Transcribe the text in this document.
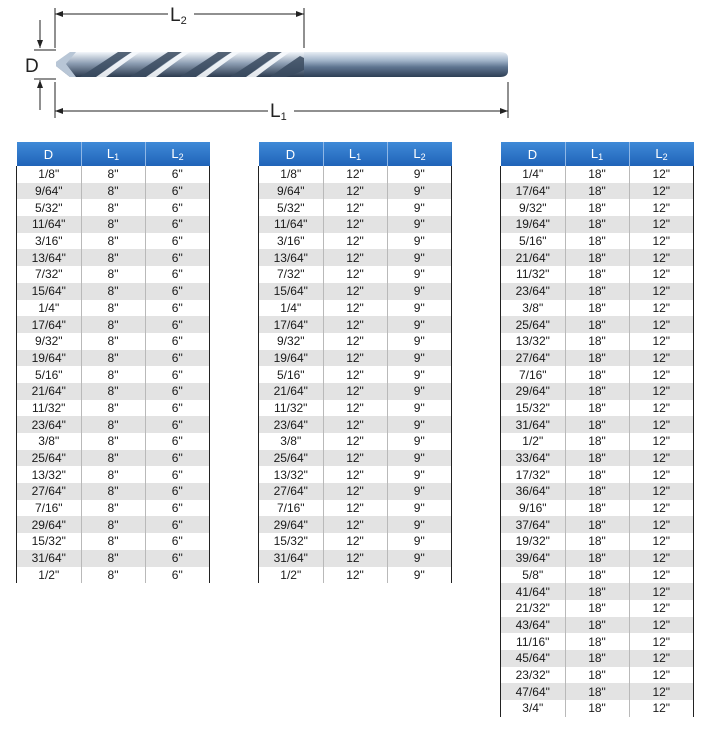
L2
D
L1
D	$L_1$	$L_2$
1/8"	8"	6"
9/64"	8"	6"
5/32"	8"	6"
11/64"	8"	6"
3/16"	8"	6"
13/64"	8"	6"
7/32"	8"	6"
15/64"	8"	6"
1/4"	8"	6"
17/64"	8"	6"
9/32"	8"	6"
19/64"	8"	6"
5/16"	8"	6"
21/64"	8"	6"
11/32"	8"	6"
23/64"	8"	6"
3/8"	8"	6"
25/64"	8"	6"
13/32"	8"	6"
27/64"	8"	6"
7/16"	8"	6"
29/64"	8"	6"
15/32"	8"	6"
31/64"	8"	6"
1/2"	8"	6"
D	$L_1$	$L_2$
1/8"	12"	9"
9/64"	12"	9"
5/32"	12"	9"
11/64"	12"	9"
3/16"	12"	9"
13/64"	12"	9"
7/32"	12"	9"
15/64"	12"	9"
1/4"	12"	9"
17/64"	12"	9"
9/32"	12"	9"
19/64"	12"	9"
5/16"	12"	9"
21/64"	12"	9"
11/32"	12"	9"
23/64"	12"	9"
3/8"	12"	9"
25/64"	12"	9"
13/32"	12"	9"
27/64"	12"	9"
7/16"	12"	9"
29/64"	12"	9"
15/32"	12"	9"
31/64"	12"	9"
1/2"	12"	9"
D	$L_1$	$L_2$
1/4"	18"	12"
17/64"	18"	12"
9/32"	18"	12"
19/64"	18"	12"
5/16"	18"	12"
21/64"	18"	12"
11/32"	18"	12"
23/64"	18"	12"
3/8"	18"	12"
25/64"	18"	12"
13/32"	18"	12"
27/64"	18"	12"
7/16"	18"	12"
29/64"	18"	12"
15/32"	18"	12"
31/64"	18"	12"
1/2"	18"	12"
33/64"	18"	12"
17/32"	18"	12"
36/64"	18"	12"
9/16"	18"	12"
37/64"	18"	12"
19/32"	18"	12"
39/64"	18"	12"
5/8"	18"	12"
41/64"	18"	12"
21/32"	18"	12"
43/64"	18"	12"
11/16"	18"	12"
45/64"	18"	12"
23/32"	18"	12"
47/64"	18"	12"
3/4"	18"	12"
